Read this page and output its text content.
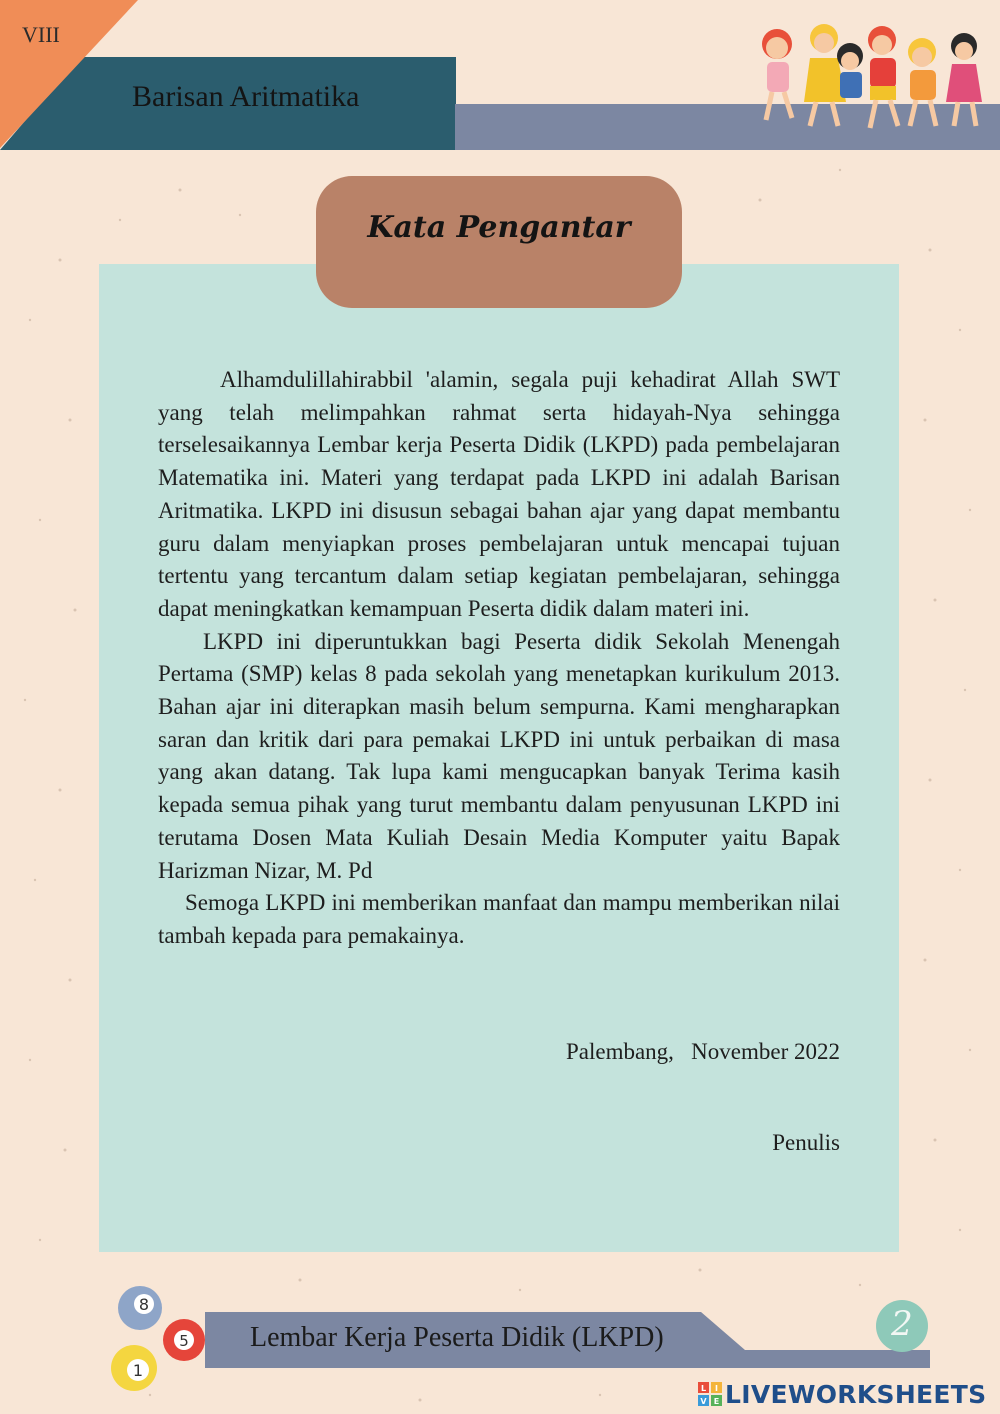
VIII
Barisan Aritmatika
Kata Pengantar

Alhamdulillahirabbil 'alamin, segala puji kehadirat Allah SWT yang telah melimpahkan rahmat serta hidayah-Nya sehingga terselesaikannya Lembar kerja Peserta Didik (LKPD) pada pembelajaran Matematika ini. Materi yang terdapat pada LKPD ini adalah Barisan Aritmatika. LKPD ini disusun sebagai bahan ajar yang dapat membantu guru dalam menyiapkan proses pembelajaran untuk mencapai tujuan tertentu yang tercantum dalam setiap kegiatan pembelajaran, sehingga dapat meningkatkan kemampuan Peserta didik dalam materi ini.

LKPD ini diperuntukkan bagi Peserta didik Sekolah Menengah Pertama (SMP) kelas 8 pada sekolah yang menetapkan kurikulum 2013. Bahan ajar ini diterapkan masih belum sempurna. Kami mengharapkan saran dan kritik dari para pemakai LKPD ini untuk perbaikan di masa yang akan datang. Tak lupa kami mengucapkan banyak Terima kasih kepada semua pihak yang turut membantu dalam penyusunan LKPD ini terutama Dosen Mata Kuliah Desain Media Komputer yaitu Bapak Harizman Nizar, M. Pd

Semoga LKPD ini memberikan manfaat dan mampu memberikan nilai tambah kepada para pemakainya.

Palembang,   November 2022
Penulis
Lembar Kerja Peserta Didik (LKPD)
8
5
1
2
L I
V E LIVEWORKSHEETS
